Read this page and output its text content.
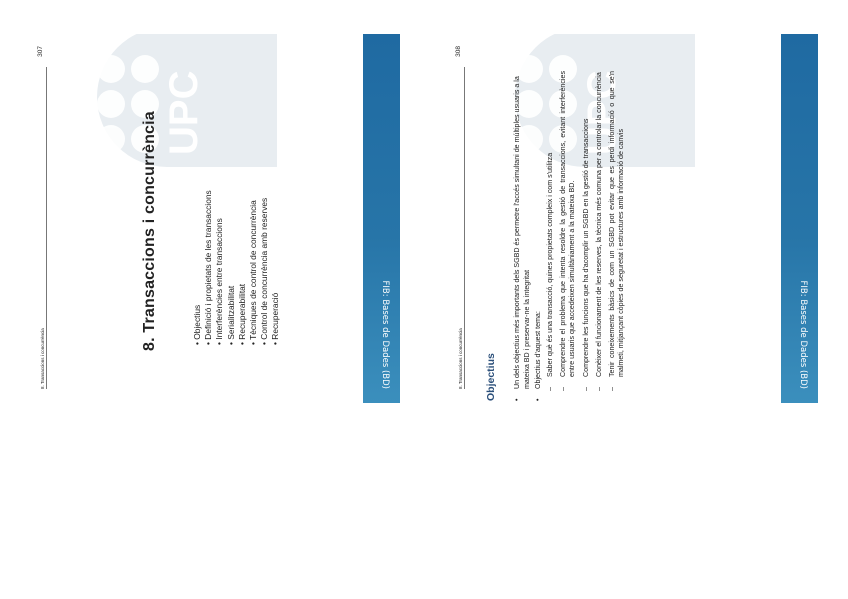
8. Transaccions i concurrència
307
UPC
8. Transaccions i concurrència	• Objectius • Definició i propietats de les transaccions • Interferències entre transaccions • Serialitzabilitat • Recuperabilitat • Tècniques de control de concurrència • Control de concurrència amb reserves • Recuperació	FIB: Bases de Dades (BD)	8. Transaccions i concurrència
308
UPC
Objectius • Un dels objectius més importants dels SGBD és permetre l'accés simultani de múltiples usuaris a la mateixa BD i preservar-ne la integritat • Objectius d'aquest tema: – Saber què és una transacció, quines propietats compleix i com s'utilitza – Comprendre el problema que intenta resoldre la gestió de transaccions, evitant interferències entre usuaris que accedeixen simultàniament a la mateixa BD. – Comprendre les funcions que ha d'acomplir un SGBD en la gestió de transaccions – Conèixer el funcionament de les reserves, la tècnica més comuna per a controlar la concurrència – Tenir coneixements bàsics de com un SGBD pot evitar que es perdi informació o que se'n malmeti, mitjançant còpies de seguretat i estructures amb informació de canvis	FIB: Bases de Dades (BD)
